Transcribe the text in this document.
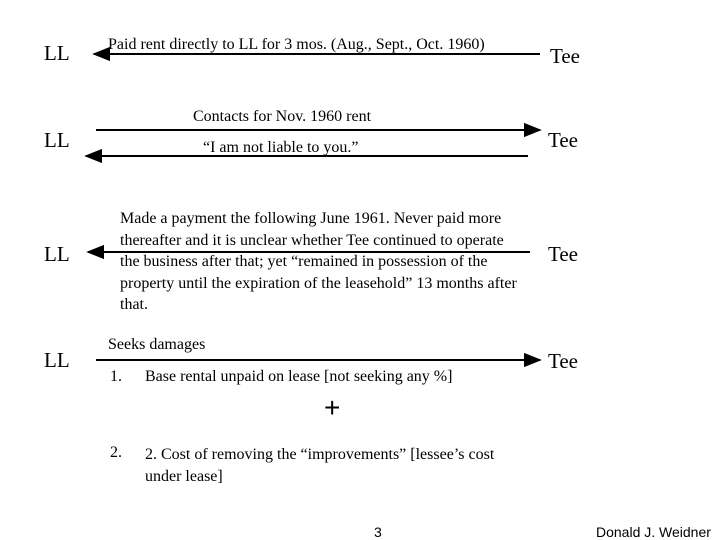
LL Paid rent directly to LL for 3 mos. (Aug., Sept., Oct. 1960)	Tee
LL
Contacts for Nov. 1960 rent
“I am not liable to you.”	Tee
LL
Made a payment the following June 1961. Never paid more thereafter and it is unclear whether Tee continued to operate the business after that; yet “remained in possession of the property until the expiration of the leasehold” 13 months after that.
Tee
LL
Seeks damages
Tee
1. Base rental unpaid on lease [not seeking any %]
+
2. 2. Cost of removing the “improvements” [lessee’s cost under lease]
3	Donald J. Weidner
